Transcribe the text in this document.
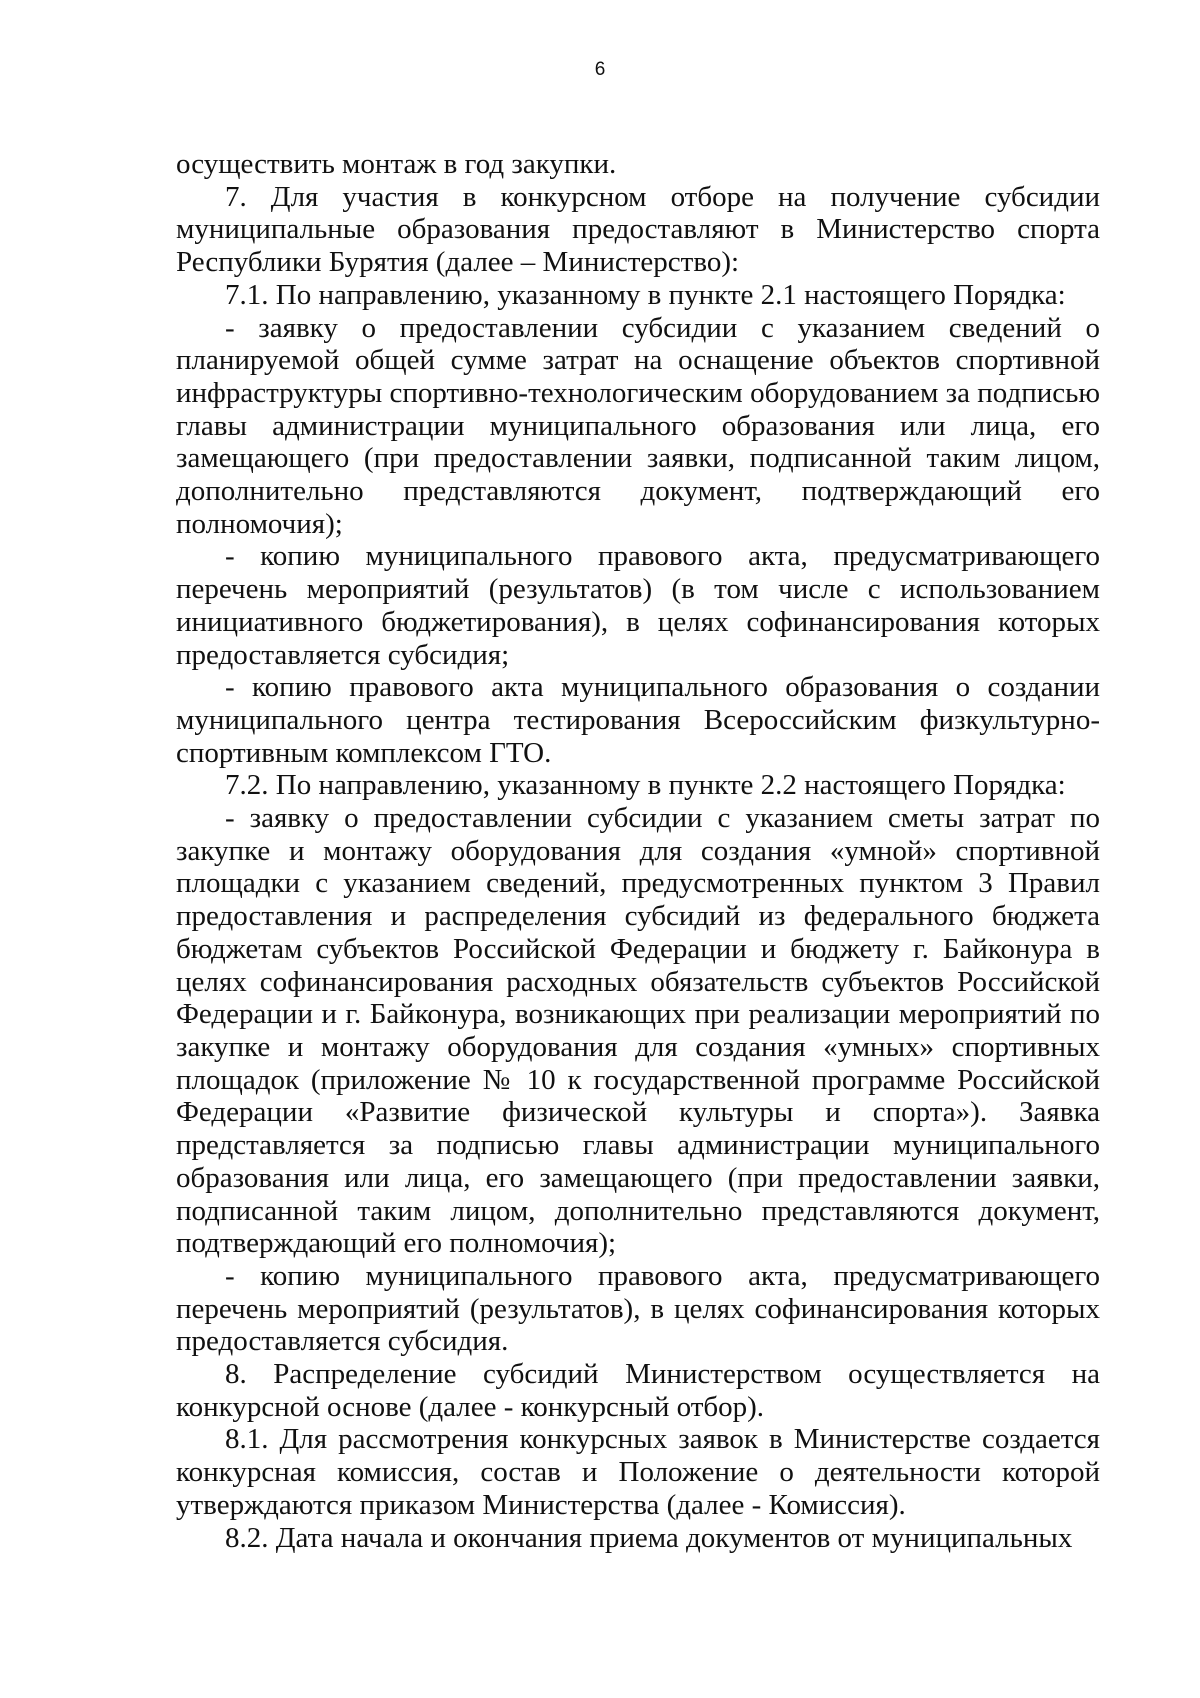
6

осуществить монтаж в год закупки.

7. Для участия в конкурсном отборе на получение субсидии муниципальные образования предоставляют в Министерство спорта Республики Бурятия (далее – Министерство):

7.1. По направлению, указанному в пункте 2.1 настоящего Порядка:

- заявку о предоставлении субсидии с указанием сведений о планируемой общей сумме затрат на оснащение объектов спортивной инфраструктуры спортивно-технологическим оборудованием за подписью главы администрации муниципального образования или лица, его замещающего (при предоставлении заявки, подписанной таким лицом, дополнительно представляются документ, подтверждающий его полномочия);

- копию муниципального правового акта, предусматривающего перечень мероприятий (результатов) (в том числе с использованием инициативного бюджетирования), в целях софинансирования которых предоставляется субсидия;

- копию правового акта муниципального образования о создании муниципального центра тестирования Всероссийским физкультурно-спортивным комплексом ГТО.

7.2. По направлению, указанному в пункте 2.2 настоящего Порядка:

- заявку о предоставлении субсидии с указанием сметы затрат по закупке и монтажу оборудования для создания «умной» спортивной площадки с указанием сведений, предусмотренных пунктом 3 Правил предоставления и распределения субсидий из федерального бюджета бюджетам субъектов Российской Федерации и бюджету г. Байконура в целях софинансирования расходных обязательств субъектов Российской Федерации и г. Байконура, возникающих при реализации мероприятий по закупке и монтажу оборудования для создания «умных» спортивных площадок (приложение № 10 к государственной программе Российской Федерации «Развитие физической культуры и спорта»). Заявка представляется за подписью главы администрации муниципального образования или лица, его замещающего (при предоставлении заявки, подписанной таким лицом, дополнительно представляются документ, подтверждающий его полномочия);

- копию муниципального правового акта, предусматривающего перечень мероприятий (результатов), в целях софинансирования которых предоставляется субсидия.

8. Распределение субсидий Министерством осуществляется на конкурсной основе (далее - конкурсный отбор).

8.1. Для рассмотрения конкурсных заявок в Министерстве создается конкурсная комиссия, состав и Положение о деятельности которой утверждаются приказом Министерства (далее - Комиссия).

8.2. Дата начала и окончания приема документов от муниципальных
